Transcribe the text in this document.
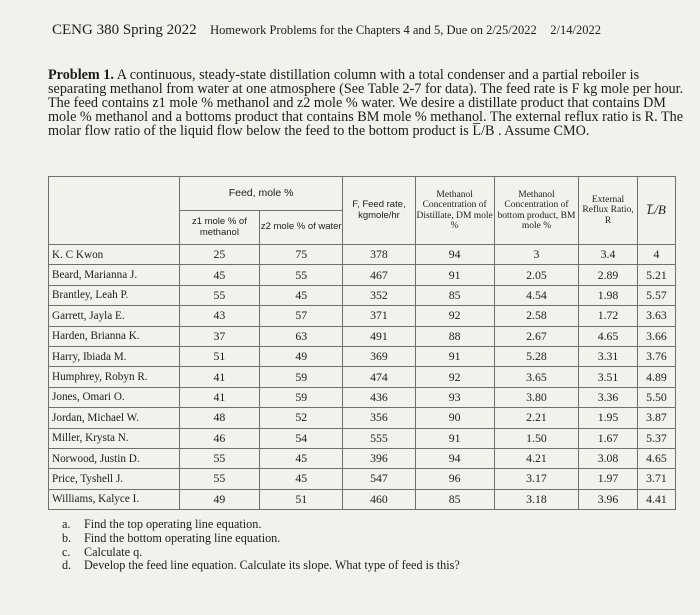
CENG 380 Spring 2022 Homework Problems for the Chapters 4 and 5, Due on 2/25/2022 2/14/2022
Problem 1. A continuous, steady-state distillation column with a total condenser and a partial reboiler is separating methanol from water at one atmosphere (See Table 2-7 for data). The feed rate is F kg mole per hour. The feed contains z1 mole % methanol and z2 mole % water. We desire a distillate product that contains DM mole % methanol and a bottoms product that contains BM mole % methanol. The external reflux ratio is R. The molar flow ratio of the liquid flow below the feed to the bottom product is L̅/B . Assume CMO.
	Feed, mole %		F, Feed rate, kgmole/hr	Methanol Concentration of Distillate, DM mole %	Methanol Concentration of bottom product, BM mole %	External Reflux Ratio, R	L̅/B
	z1 mole % of methanol	z2 mole % of water					
K. C Kwon	25	75	378	94	3	3.4	4
Beard, Marianna J.	45	55	467	91	2.05	2.89	5.21
Brantley, Leah P.	55	45	352	85	4.54	1.98	5.57
Garrett, Jayla E.	43	57	371	92	2.58	1.72	3.63
Harden, Brianna K.	37	63	491	88	2.67	4.65	3.66
Harry, Ibiada M.	51	49	369	91	5.28	3.31	3.76
Humphrey, Robyn R.	41	59	474	92	3.65	3.51	4.89
Jones, Omari O.	41	59	436	93	3.80	3.36	5.50
Jordan, Michael W.	48	52	356	90	2.21	1.95	3.87
Miller, Krysta N.	46	54	555	91	1.50	1.67	5.37
Norwood, Justin D.	55	45	396	94	4.21	3.08	4.65
Price, Tyshell J.	55	45	547	96	3.17	1.97	3.71
Williams, Kalyce I.	49	51	460	85	3.18	3.96	4.41
a. Find the top operating line equation.
b. Find the bottom operating line equation.
c. Calculate q.
d. Develop the feed line equation. Calculate its slope. What type of feed is this?
